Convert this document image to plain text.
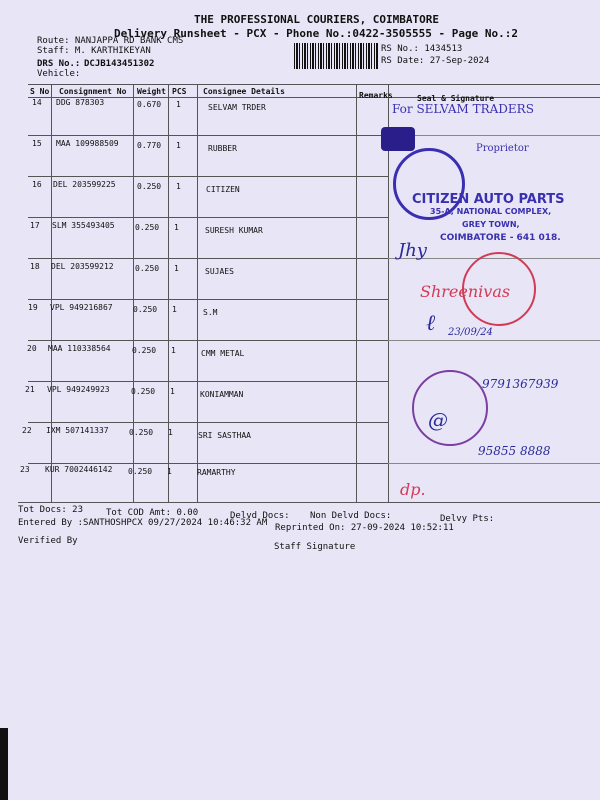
THE PROFESSIONAL COURIERS, COIMBATORE
Delivery Runsheet - PCX - Phone No.:0422-3505555 - Page No.:2
Route: NANJAPPA RD BANK CMS
Staff: M. KARTHIKEYAN
DRS No.: DCJB143451302
Vehicle:
RS No.: 1434513
RS Date: 27-Sep-2024
S No Consignment No Weight PCS Consignee Details	Remarks	Seal & Signature
14 DDG 878303	0.670 1	SELVAM TRDER
15 MAA 109988509 0.770 1	RUBBER
16 DEL 203599225	0.250 1	CITIZEN
17 SLM 355493405	0.250 1	SURESH KUMAR
18 DEL 203599212	0.250 1	SUJAES
19 VPL 949216867	0.250 1	S.M
20 MAA 110338564	0.250 1	CMM METAL
21 VPL 949249923	0.250 1	KONIAMMAN
22 IXM 507141337	0.250 1	SRI SASTHAA
23 KUR 7002446142 0.250 1	RAMARTHY
For SELVAM TRADERS
Proprietor
CITIZEN AUTO PARTS
35-A, NATIONAL COMPLEX,
GREY TOWN,
COIMBATORE - 641 018.
Shreenivas
Jhy
ℓ 23/09/24
9791367939
@
95855 8888
dp.
Tot Docs: 23	Tot COD Amt: 0.00	Delvd Docs: Non Delvd Docs:	Delvy Pts:
Entered By :SANTHOSHPCX 09/27/2024 10:46:32 AM Reprinted On: 27-09-2024 10:52:11
Verified By
Staff Signature
